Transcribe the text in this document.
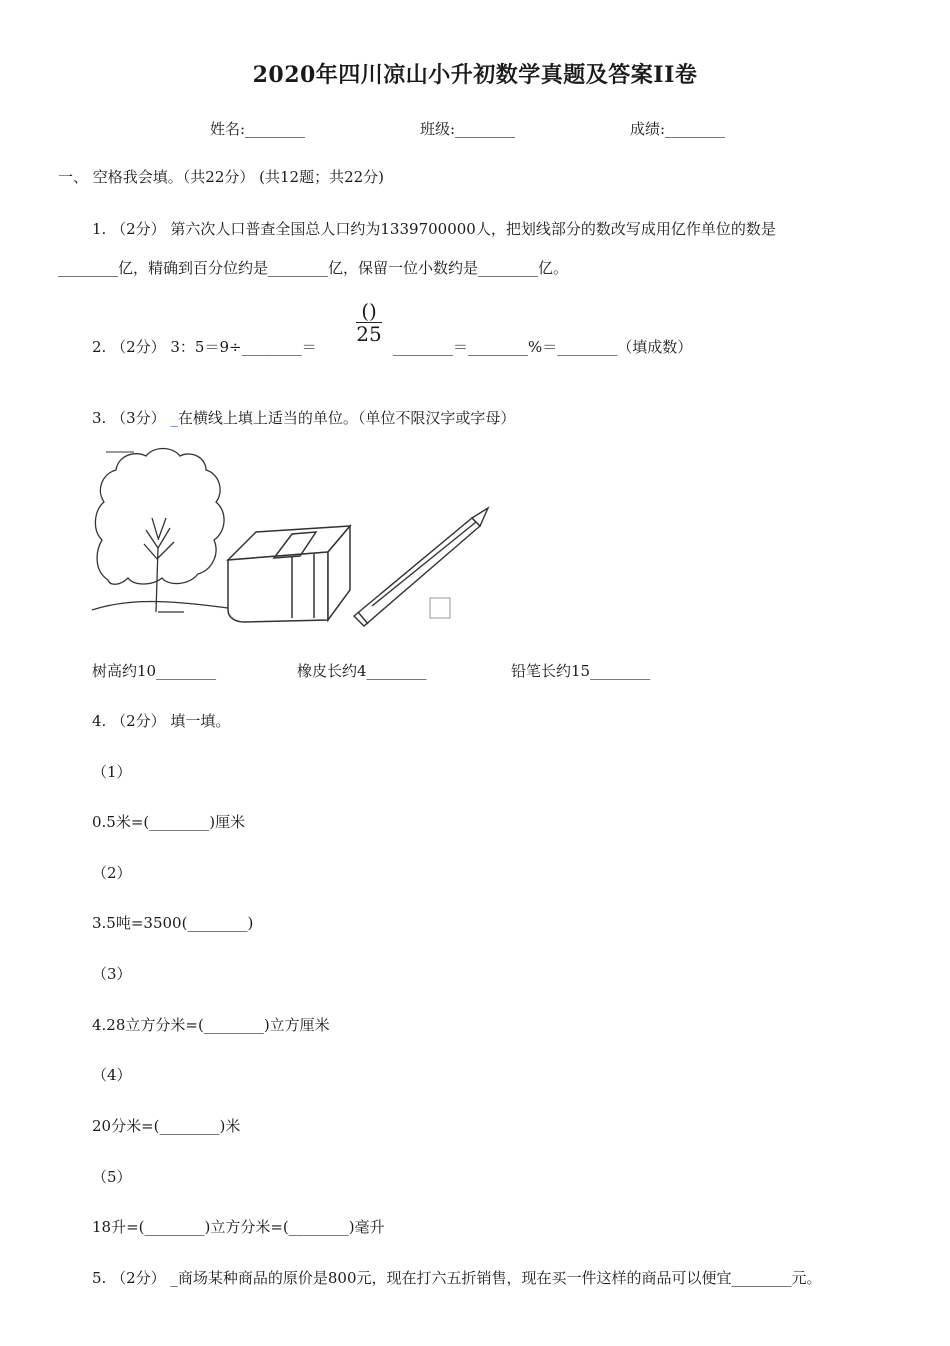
2020年四川凉山小升初数学真题及答案II卷
姓名:________	班级:________	成绩:________
一、 空格我会填。（共22分） (共12题；共22分)
1. （2分） 第六次人口普查全国总人口约为1339700000人，把划线部分的数改写成用亿作单位的数是
________亿，精确到百分位约是________亿，保留一位小数约是________亿。
2. （2分） 3：5＝9÷________＝
()
25
________＝________%＝________（填成数）
3. （3分） _在横线上填上适当的单位。（单位不限汉字或字母）
树高约10________	橡皮长约4________	铅笔长约15________
4. （2分） 填一填。
（1）
0.5米=(________)厘米
（2）
3.5吨=3500(________)
（3）
4.28立方分米=(________)立方厘米
（4）
20分米=(________)米
（5）
18升=(________)立方分米=(________)毫升
5. （2分） _商场某种商品的原价是800元，现在打六五折销售，现在买一件这样的商品可以便宜________元。
